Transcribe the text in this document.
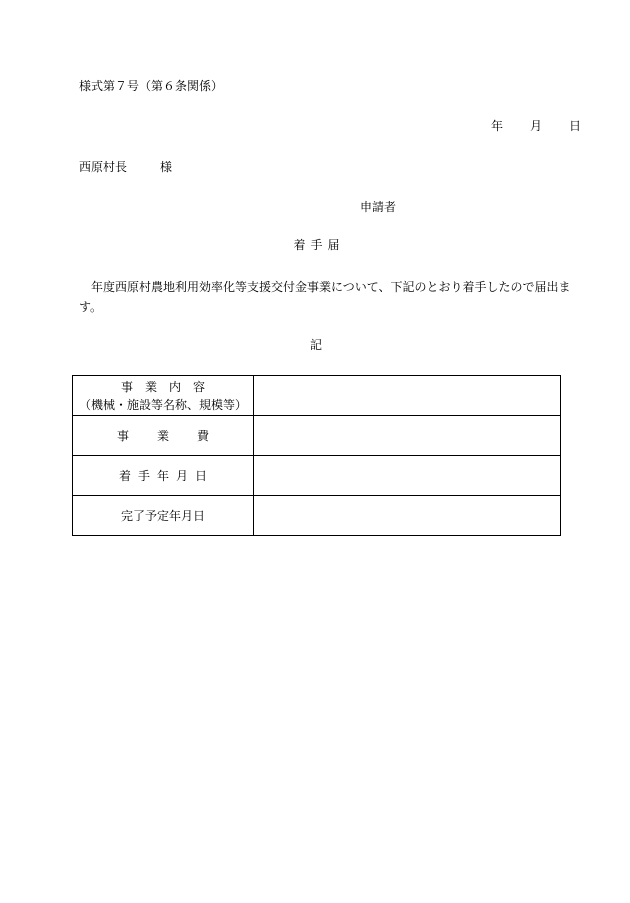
様式第７号（第６条関係）
年 月 日
西原村長	様
申請者
着手届
年度西原村農地利用効率化等支援交付金事業について、下記のとおり着手したので届出ます。
記
事業内容
（機械・施設等名称、規模等）	

事業費	
着手年月日	
完了予定年月日	
